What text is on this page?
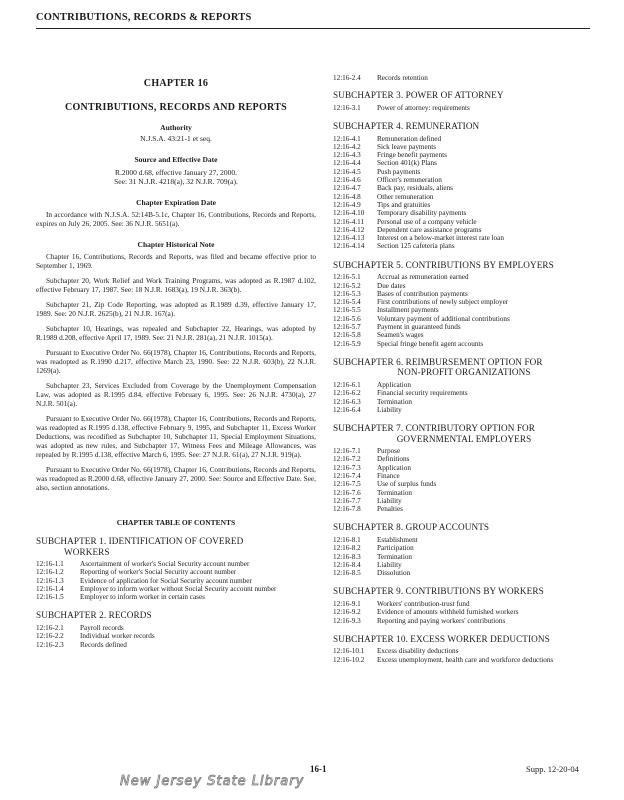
CONTRIBUTIONS, RECORDS & REPORTS
CHAPTER 16
CONTRIBUTIONS, RECORDS AND REPORTS
Authority
N.J.S.A. 43:21-1 et seq.
Source and Effective Date
R.2000 d.68, effective January 27, 2000.
See: 31 N.J.R. 4218(a), 32 N.J.R. 709(a).
Chapter Expiration Date
In accordance with N.J.S.A. 52:14B-5.1c, Chapter 16, Contributions, Records and Reports, expires on July 26, 2005. See: 36 N.J.R. 5651(a).
Chapter Historical Note
Chapter 16, Contributions, Records and Reports, was filed and became effective prior to September 1, 1969.
Subchapter 20, Work Relief and Work Training Programs, was adopted as R.1987 d.102, effective February 17, 1987. See: 18 N.J.R. 1683(a), 19 N.J.R. 363(b).
Subchapter 21, Zip Code Reporting, was adopted as R.1989 d.39, effective January 17, 1989. See: 20 N.J.R. 2625(b), 21 N.J.R. 167(a).
Subchapter 10, Hearings, was repealed and Subchapter 22, Hearings, was adopted by R.1989 d.208, effective April 17, 1989. See: 21 N.J.R. 281(a), 21 N.J.R. 1015(a).
Pursuant to Executive Order No. 66(1978), Chapter 16, Contributions, Records and Reports, was readopted as R.1990 d.217, effective March 23, 1990. See: 22 N.J.R. 603(b), 22 N.J.R. 1269(a).
Subchapter 23, Services Excluded from Coverage by the Unemployment Compensation Law, was adopted as R.1995 d.84, effective February 6, 1995. See: 26 N.J.R. 4730(a), 27 N.J.R. 501(a).
Pursuant to Executive Order No. 66(1978), Chapter 16, Contributions, Records and Reports, was readopted as R.1995 d.138, effective February 9, 1995, and Subchapter 11, Excess Worker Deductions, was recodified as Subchapter 10, Subchapter 11, Special Employment Situations, was adopted as new rules, and Subchapter 17, Witness Fees and Mileage Allowances, was repealed by R.1995 d.138, effective March 6, 1995. See: 27 N.J.R. 61(a), 27 N.J.R. 919(a).
Pursuant to Executive Order No. 66(1978), Chapter 16, Contributions, Records and Reports, was readopted as R.2000 d.68, effective January 27, 2000. See: Source and Effective Date. See, also, section annotations.
CHAPTER TABLE OF CONTENTS
SUBCHAPTER 1. IDENTIFICATION OF COVERED
WORKERS
12:16-1.1	Ascertainment of worker's Social Security account number
12:16-1.2	Reporting of worker's Social Security account number
12:16-1.3	Evidence of application for Social Security account number
12:16-1.4	Employer to inform worker without Social Security account number
12:16-1.5	Employer to inform worker in certain cases
SUBCHAPTER 2. RECORDS
12:16-2.1	Payroll records
12:16-2.2	Individual worker records
12:16-2.3	Records defined
12:16-2.4	Records retention
SUBCHAPTER 3. POWER OF ATTORNEY
12:16-3.1	Power of attorney: requirements
SUBCHAPTER 4. REMUNERATION
12:16-4.1	Remuneration defined
12:16-4.2	Sick leave payments
12:16-4.3	Fringe benefit payments
12:16-4.4	Section 401(k) Plans
12:16-4.5	Push payments
12:16-4.6	Officer's remuneration
12:16-4.7	Back pay, residuals, aliens
12:16-4.8	Other remuneration
12:16-4.9	Tips and gratuities
12:16-4.10	Temporary disability payments
12:16-4.11	Personal use of a company vehicle
12:16-4.12	Dependent care assistance programs
12:16-4.13	Interest on a below-market interest rate loan
12:16-4.14	Section 125 cafeteria plans
SUBCHAPTER 5. CONTRIBUTIONS BY EMPLOYERS
12:16-5.1	Accrual as remuneration earned
12:16-5.2	Due dates
12:16-5.3	Bases of contribution payments
12:16-5.4	First contributions of newly subject employer
12:16-5.5	Installment payments
12:16-5.6	Voluntary payment of additional contributions
12:16-5.7	Payment in guaranteed funds
12:16-5.8	Seamen's wages
12:16-5.9	Special fringe benefit agent accounts
SUBCHAPTER 6. REIMBURSEMENT OPTION FOR
NON-PROFIT ORGANIZATIONS
12:16-6.1	Application
12:16-6.2	Financial security requirements
12:16-6.3	Termination
12:16-6.4	Liability
SUBCHAPTER 7. CONTRIBUTORY OPTION FOR
GOVERNMENTAL EMPLOYERS
12:16-7.1	Purpose
12:16-7.2	Definitions
12:16-7.3	Application
12:16-7.4	Finance
12:16-7.5	Use of surplus funds
12:16-7.6	Termination
12:16-7.7	Liability
12:16-7.8	Penalties
SUBCHAPTER 8. GROUP ACCOUNTS
12:16-8.1	Establishment
12:16-8.2	Participation
12:16-8.3	Termination
12:16-8.4	Liability
12:16-8.5	Dissolution
SUBCHAPTER 9. CONTRIBUTIONS BY WORKERS
12:16-9.1	Workers' contribution-trust fund
12:16-9.2	Evidence of amounts withheld furnished workers
12:16-9.3	Reporting and paying workers' contributions
SUBCHAPTER 10. EXCESS WORKER DEDUCTIONS
12:16-10.1	Excess disability deductions
12:16-10.2	Excess unemployment, health care and workforce deductions
16-1	Supp. 12-20-04
New Jersey State Library
